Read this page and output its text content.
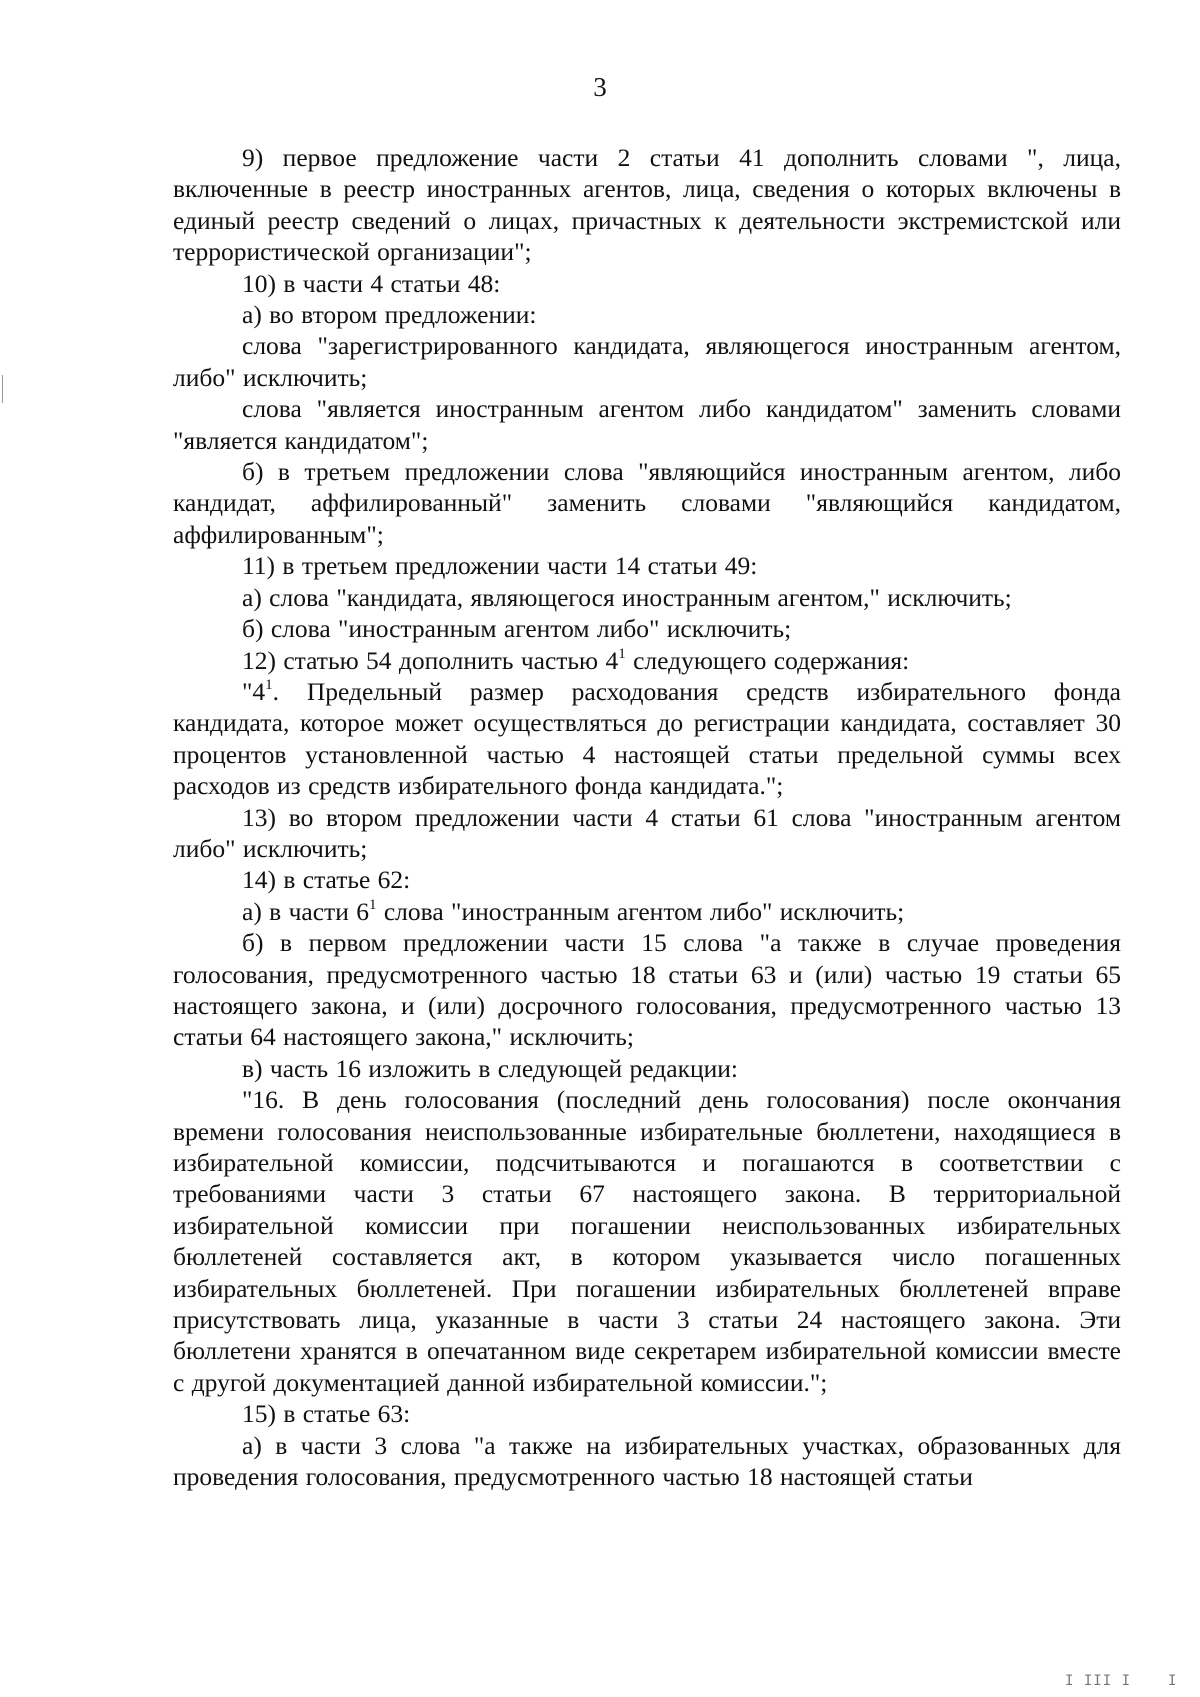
3

9) первое предложение части 2 статьи 41 дополнить словами ", лица, включенные в реестр иностранных агентов, лица, сведения о которых включены в единый реестр сведений о лицах, причастных к деятельности экстремистской или террористической организации";

10) в части 4 статьи 48:

а) во втором предложении:

слова "зарегистрированного кандидата, являющегося иностранным агентом, либо" исключить;

слова "является иностранным агентом либо кандидатом" заменить словами "является кандидатом";

б) в третьем предложении слова "являющийся иностранным агентом, либо кандидат, аффилированный" заменить словами "являющийся кандидатом, аффилированным";

11) в третьем предложении части 14 статьи 49:

а) слова "кандидата, являющегося иностранным агентом," исключить;

б) слова "иностранным агентом либо" исключить;

12) статью 54 дополнить частью $4^1$ следующего содержания:

"$4^1$. Предельный размер расходования средств избирательного фонда кандидата, которое может осуществляться до регистрации кандидата, составляет 30 процентов установленной частью 4 настоящей статьи предельной суммы всех расходов из средств избирательного фонда кандидата.";

13) во втором предложении части 4 статьи 61 слова "иностранным агентом либо" исключить;

14) в статье 62:

а) в части $6^1$ слова "иностранным агентом либо" исключить;

б) в первом предложении части 15 слова "а также в случае проведения голосования, предусмотренного частью 18 статьи 63 и (или) частью 19 статьи 65 настоящего закона, и (или) досрочного голосования, предусмотренного частью 13 статьи 64 настоящего закона," исключить;

в) часть 16 изложить в следующей редакции:

"16. В день голосования (последний день голосования) после окончания времени голосования неиспользованные избирательные бюллетени, находящиеся в избирательной комиссии, подсчитываются и погашаются в соответствии с требованиями части 3 статьи 67 настоящего закона. В территориальной избирательной комиссии при погашении неиспользованных избирательных бюллетеней составляется акт, в котором указывается число погашенных избирательных бюллетеней. При погашении избирательных бюллетеней вправе присутствовать лица, указанные в части 3 статьи 24 настоящего закона. Эти бюллетени хранятся в опечатанном виде секретарем избирательной комиссии вместе с другой документацией данной избирательной комиссии.";

15) в статье 63:

а) в части 3 слова "а также на избирательных участках, образованных для проведения голосования, предусмотренного частью 18 настоящей статьи

I III I	I
